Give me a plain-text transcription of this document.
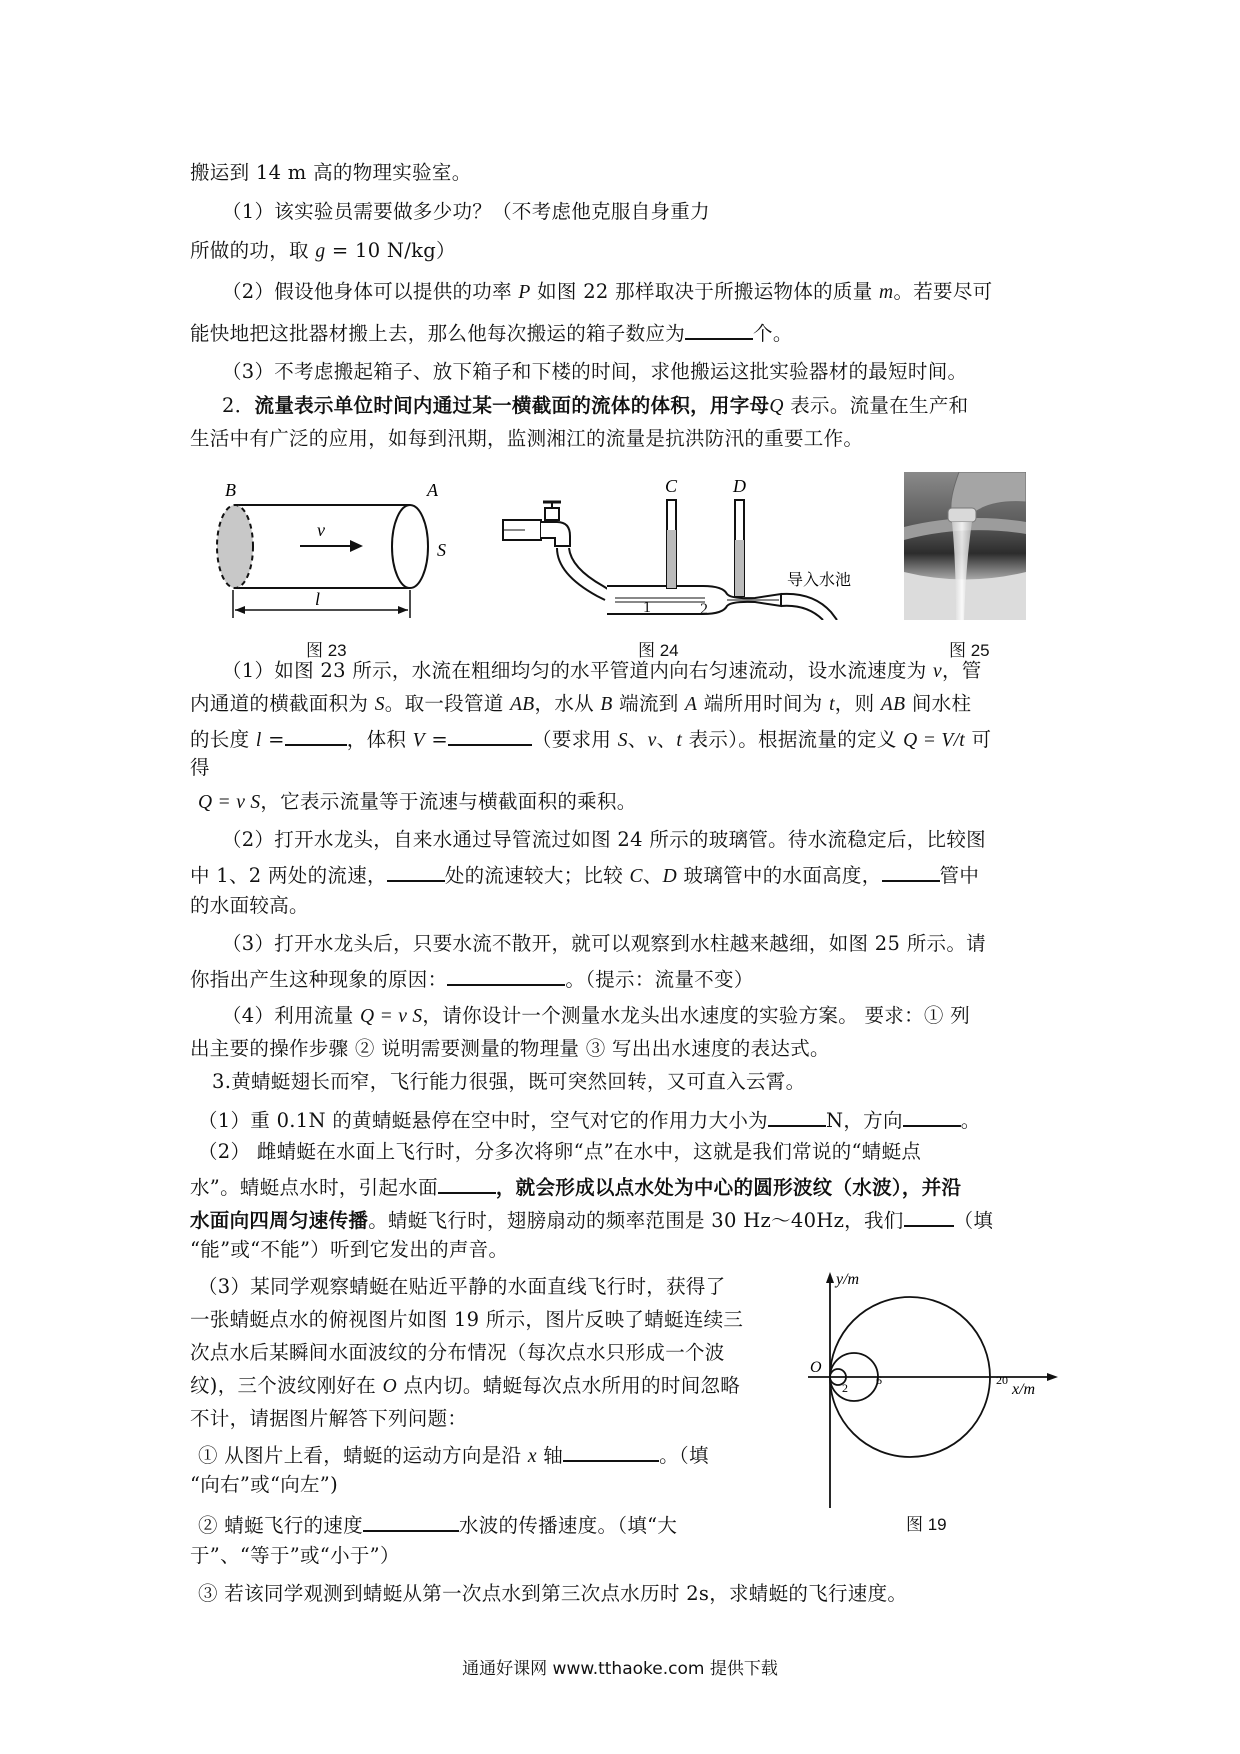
搬运到 14 m 高的物理实验室。
（1）该实验员需要做多少功？（不考虑他克服自身重力
所做的功，取 g = 10 N/kg）
（2）假设他身体可以提供的功率 P 如图 22 那样取决于所搬运物体的质量 m。若要尽可
能快地把这批器材搬上去，那么他每次搬运的箱子数应为	个。
（3）不考虑搬起箱子、放下箱子和下楼的时间，求他搬运这批实验器材的最短时间。
2．流量表示单位时间内通过某一横截面的流体的体积，用字母Q 表示。流量在生产和
生活中有广泛的应用，如每到汛期，监测湘江的流量是抗洪防汛的重要工作。
B	A
v
S
l
图 23
C	D
1	2
导入水池
图 24	图 25
（1）如图 23 所示，水流在粗细均匀的水平管道内向右匀速流动，设水流速度为 v，管
内通道的横截面积为 S。取一段管道 AB，水从 B 端流到 A 端所用时间为 t，则 AB 间水柱
的长度 l =	，体积 V =	（要求用 S、v、t 表示）。根据流量的定义 Q = V/t 可
得
Q = v S，它表示流量等于流速与横截面积的乘积。
（2）打开水龙头，自来水通过导管流过如图 24 所示的玻璃管。待水流稳定后，比较图
中 1、2 两处的流速，	处的流速较大；比较 C、D 玻璃管中的水面高度，	管中
的水面较高。
（3）打开水龙头后，只要水流不散开，就可以观察到水柱越来越细，如图 25 所示。请
你指出产生这种现象的原因：	。（提示：流量不变）
（4）利用流量 Q = v S，请你设计一个测量水龙头出水速度的实验方案。 要求：① 列
出主要的操作步骤 ② 说明需要测量的物理量 ③ 写出出水速度的表达式。
3.黄蜻蜓翅长而窄，飞行能力很强，既可突然回转，又可直入云霄。
（1）重 0.1N 的黄蜻蜓悬停在空中时，空气对它的作用力大小为	N，方向	。
（2） 雌蜻蜓在水面上飞行时，分多次将卵“点”在水中，这就是我们常说的“蜻蜓点
水”。蜻蜓点水时，引起水面	，就会形成以点水处为中心的圆形波纹（水波），并沿
水面向四周匀速传播。蜻蜓飞行时，翅膀扇动的频率范围是 30 Hz～40Hz，我们	（填
“能”或“不能”）听到它发出的声音。
（3）某同学观察蜻蜓在贴近平静的水面直线飞行时，获得了
一张蜻蜓点水的俯视图片如图 19 所示，图片反映了蜻蜓连续三
次点水后某瞬间水面波纹的分布情况（每次点水只形成一个波
纹)，三个波纹刚好在 O 点内切。蜻蜓每次点水所用的时间忽略
不计，请据图片解答下列问题：
① 从图片上看，蜻蜓的运动方向是沿 x 轴	。（填
“向右”或“向左”)
② 蜻蜓飞行的速度	水波的传播速度。（填“大
于”、“等于”或“小于”）
③ 若该同学观测到蜻蜓从第一次点水到第三次点水历时 2s，求蜻蜓的飞行速度。
y/m
x/m
O
2
6	20
图 19
通通好课网 www.tthaoke.com 提供下载
